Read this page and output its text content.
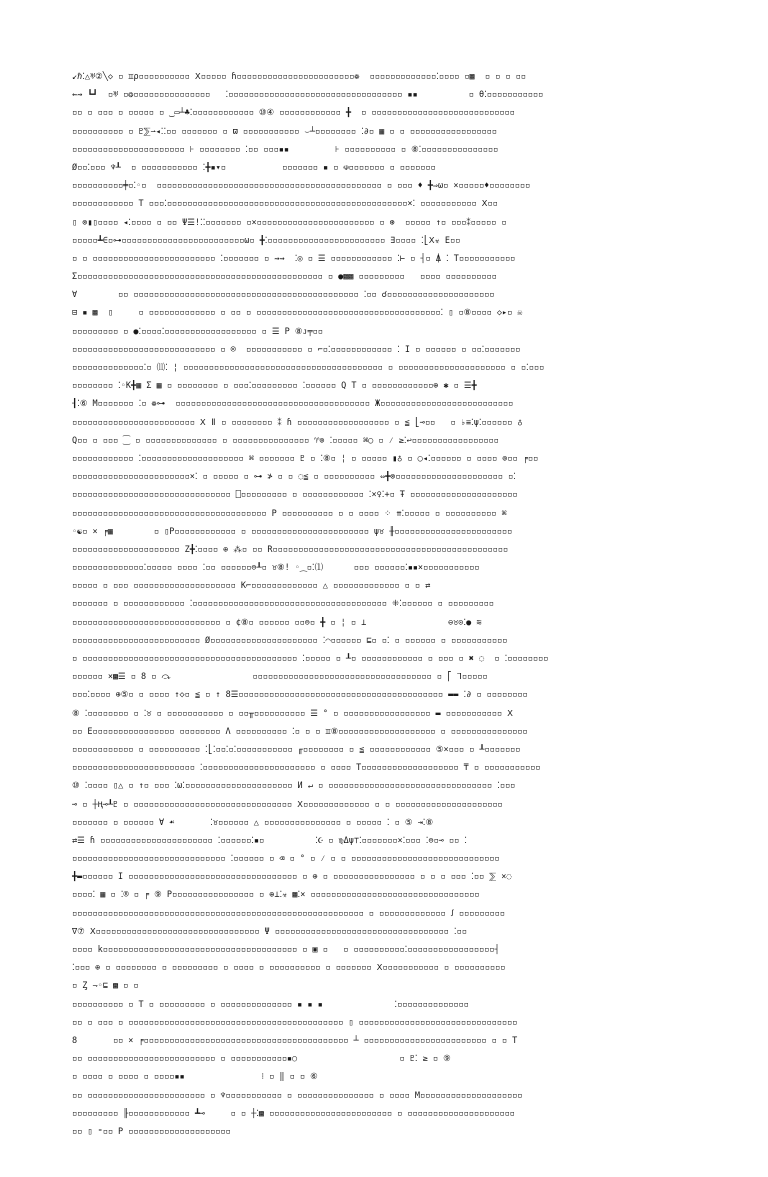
↙ℏ⁚△♅②╲◇ ▫ ♊ρ▫▫▫▫▫▫▫▫▫▫ Ⅹ▫▫▫▫▫ ɦ▫▫▫▫▫▫▫▫▫▫▫▫▫▫▫▫▫▫▫▫▫▫▫❁  ▫▫▫▫▫▫▫▫▫▫▫▫▫⁚▫▫▫▫ ▫▩  ▫ ▫ ▫ ▫▫
⇜⇝ ┗┛  ▫♅ ▫❂▫▫▫▫▫▫▫▫▫▫▫▫▫▫▫   ⁚▫▫▫▫▫▫▫▫▫▫▫▫▫▫▫▫▫▫▫▫▫▫▫▫▫▫▫▫▫▫▫▫▫▫ ▪▪          ▫ θ⁚▫▫▫▫▫▫▫▫▫▫▫
▫▫ ▫ ▫▫▫ ▫ ▫▫▫▫▫ ▫ ‿▭┴♣⁚▫▫▫▫▫▫▫▫▫▫▫▫ ⑩④ ▫▫▫▫▫▫▫▫▫▫▫▫ ╋  ▫ ▫▫▫▫▫▫▫▫▫▫▫▫▫▫▫▫▫▫▫▫▫▫▫▫▫▫▫▫
▫▫▫▫▫▫▫▫▫▫ ▫ ♇⅀⇀◂⁚⁚▫▫ ▫▫▫▫▫▫▫ ▫ ϖ ▫▫▫▫▫▫▫▫▫▫▫ ⌣┴▫▫▫▫▫▫▫▫ ⁚∂▫ ▦ ▫ ▫ ▫▫▫▫▫▫▫▫▫▫▫▫▫▫▫▫▫
▫▫▫▫▫▫▫▫▫▫▫▫▫▫▫▫▫▫▫▫▫▫ ⊦ ▫▫▫▫▫▫▫▫ ⁚▫▫ ▫▫▫▪▪         ⊦ ▫▫▫▫▫▫▫▫▫▫ ▫ ⑧⁚▫▫▫▫▫▫▫▫▫▫▫▫▫▫▫
Ø▫▫⁚▫▫▫ ♆┸  ▫ ▫▫▫▫▫▫▫▫▫▫▫ ⁚╋▪▾▫           ▫▫▫▫▫▫▫ ▪ ▫ ☫▫▫▫▫▫▫▫ ▫ ▫▫▫▫▫▫▫
▫▫▫▫▫▫▫▫▫▫╪▫⁚◦▫  ▫▫▫▫▫▫▫▫▫▫▫▫▫▫▫▫▫▫▫▫▫▫▫▫▫▫▫▫▫▫▫▫▫▫▫▫▫▫▫▫▫▫▫▫ ▫ ▫▫▫ ♦ ╋⇒ω▫ ×▫▫▫▫▫♦▫▫▫▫▫▫▫▫
▫▫▫▫▫▫▫▫▫▫▫▫ T ▫▫▫⁚▫▫▫▫▫▫▫▫▫▫▫▫▫▫▫▫▫▫▫▫▫▫▫▫▫▫▫▫▫▫▫▫▫▫▫▫▫▫▫▫▫▫▫▫▫▫▫×⁚ ▫▫▫▫▫▫▫▫▫▫▫ Ⅹ▫▫
▯ ⊗▮▯▫▫▫▫ ◂⁚▫▫▫▫ ▫ ▫▫ Ψ☰!⁚⁚▫▫▫▫▫▫▫ ▫×▫▫▫▫▫▫▫▫▫▫▫▫▫▫▫▫▫▫▫▫▫▫▫ ▫ ⊛  ▫▫▫▫▫ ↑▫ ▫▫▫⁑▫▫▫▫▫ ▫
▫▫▫▫▫┻∈▫⊶▫▫▫▫▫▫▫▫▫▫▫▫▫▫▫▫▫▫▫▫▫▫▫▫ω▫ ╋⁚▫▫▫▫▫▫▫▫▫▫▫▫▫▫▫▫▫▫▫▫▫▫▫ ∃▫▫▫▫ ⁚⎣Ⅹ☣ E▫▫
▫ ▫ ▫▫▫▫▫▫▫▫▫▫▫▫▫▫▫▫▫▫▫▫▫▫▫▫ ⁚▫▫▫▫▫▫▫ ▫ ⇝⇝  ⁚◎ ▫ ☰ ▫▫▫▫▫▫▫▫▫▫▫▫ ⁚⊢ ▫ ┤▫ ⍋ ⁚ T▫▫▫▫▫▫▫▫▫▫▫
Σ▫▫▫▫▫▫▫▫▫▫▫▫▫▫▫▫▫▫▫▫▫▫▫▫▫▫▫▫▫▫▫▫▫▫▫▫▫▫▫▫▫▫▫▫▫▫▫▫ ▫ ●▩▩ ▫▫▫▫▫▫▫▫▫   ▫▫▫▫ ▫▫▫▫▫▫▫▫▫▫
∀        ▫▫ ▫▫▫▫▫▫▫▫▫▫▫▫▫▫▫▫▫▫▫▫▫▫▫▫▫▫▫▫▫▫▫▫▫▫▫▫▫▫▫▫▫▫▫▫ ⁚▫▫ ☌▫▫▫▫▫▫▫▫▫▫▫▫▫▫▫▫▫▫▫▫▫
⊟ ▪ ▩  ▯     ▫ ▫▫▫▫▫▫▫▫▫▫▫▫▫ ▫ ▫▫ ▫ ▫▫▫▫▫▫▫▫▫▫▫▫▫▫▫▫▫▫▫▫▫▫▫▫▫▫▫▫▫▫▫▫▫▫▫▫⁚ ▯ ▫⑧▫▫▫▫ ◇▸▫ ☠
▫▫▫▫▫▫▫▫▫ ▫ ●⁚▫▫▫▫⁚▫▫▫▫▫▫▫▫▫▫▫▫▫▫▫▫▫▫ ▫ ☰ P ⑧ᴊ╤▫▫
▫▫▫▫▫▫▫▫▫▫▫▫▫▫▫▫▫▫▫▫▫▫▫▫▫▫▫▫ ▫ ⌾  ▫▫▫▫▫▫▫▫▫▫▫ ▫ ⌐▫⁚▫▫▫▫▫▫▫▫▫▫▫▫ ⁚ I ▫ ▫▫▫▫▫▫ ▫ ▫▫⁚▫▫▫▫▫▫▫
▫▫▫▫▫▫▫▫▫▫▫▫▫▫⁚▫ ⑾⁚ ¦ ▫▫▫▫▫▫▫▫▫▫▫▫▫▫▫▫▫▫▫▫▫▫▫▫▫▫▫▫▫▫▫▫▫▫▫▫▫▫▫ ▫ ▫▫▫▫▫▫▫▫▫▫▫▫▫▫▫▫▫▫▫▫▫ ▫ ▫⁚▫▫▫
▫▫▫▫▫▫▫▫ ⁚◦K╋▦ Σ ▦ ▫ ▫▫▫▫▫▫▫▫ ▫ ▫▫▫⁚▫▫▫▫▫▫▫▫▫ ⁚▫▫▫▫▫▫ Q T ▫ ▫▫▫▫▫▫▫▫▫▫▫▫⊕ ✱ ▫ ☰╋
┨⁚⑥ M▫▫▫▫▫▫▫ ⁚▫ ❁⊶  ▫▫▫▫▫▫▫▫▫▫▫▫▫▫▫▫▫▫▫▫▫▫▫▫▫▫▫▫▫▫▫▫▫▫▫▫▫▫ Ж▫▫▫▫▫▫▫▫▫▫▫▫▫▫▫▫▫▫▫▫▫▫▫▫▫▫
▫▫▫▫▫▫▫▫▫▫▫▫▫▫▫▫▫▫▫▫▫▫▫▫ Ⅹ ǁ ▫ ▫▫▫▫▫▫▫▫ ⁑ ɦ ▫▫▫▫▫▫▫▫▫▫▫▫▫▫▫▫▫▫ ▫ ≦ ⎣⊸▫▫   ▫ ♭≡⁚ψ⁚▫▫▫▫▫▫ ♁
Q▫▫ ▫ ▫▫▫ ⁐ ▫ ▫▫▫▫▫▫▫▫▫▫▫▫▫▫ ▫ ▫▫▫▫▫▫▫▫▫▫▫▫▫▫▫ ♈⊚ ⁚▫▫▫▫▫ ⌘◯ ▫ ⁄ ≥⁚↩▫▫▫▫▫▫▫▫▫▫▫▫▫▫▫▫▫
▫▫▫▫▫▫▫▫▫▫▫▫ ⁚▫▫▫▫▫▫▫▫▫▫▫▫▫▫▫▫▫▫▫▫ ⌘ ▫▫▫▫▫▫▫ ♇ ▫ ⁚⑧▫ ¦ ▫ ▫▫▫▫▫ ▮♁ ▫ ◯◂⁚▫▫▫▫▫▫ ▫ ▫▫▫▫ ⊚▫▫ ╒▫▫
▫▫▫▫▫▫▫▫▫▫▫▫▫▫▫▫▫▫▫▫▫▫▫×⁚ ▫ ▫▫▫▫▫ ▫ ⊶ ≯ ▫ ▫ ◌≦ ▫ ▫▫▫▫▫▫▫▫▫▫ ⇔╋⊗▫▫▫▫▫▫▫▫▫▫▫▫▫▫▫▫▫▫▫▫▫ ▫⁚
▫▫▫▫▫▫▫▫▫▫▫▫▫▫▫▫▫▫▫▫▫▫▫▫▫▫▫▫▫▫▫ ⎕▫▫▫▫▫▫▫▫▫ ▫ ▫▫▫▫▫▫▫▫▫▫▫▫ ⁚×♀⁚+▫ Ŧ ▫▫▫▫▫▫▫▫▫▫▫▫▫▫▫▫▫▫▫▫▫
▫▫▫▫▫▫▫▫▫▫▫▫▫▫▫▫▫▫▫▫▫▫▫▫▫▫▫▫▫▫▫▫▫▫▫▫▫▫ P ▫▫▫▫▫▫▫▫▫▫ ▫ ▫ ▫▫▫▫ ⁘ ⇈⁚▫▫▫▫▫ ▫ ▫▫▫▫▫▫▫▫▫▫ ⌘
◦☯▫ × ╒▦        ▫ ▯P▫▫▫▫▫▫▫▫▫▫▫▫ ▫ ▫▫▫▫▫▫▫▫▫▫▫▫▫▫▫▫▫▫▫▫▫▫▫ ψ♉ ╫▫▫▫▫▫▫▫▫▫▫▫▫▫▫▫▫▫▫▫▫▫▫▫
▫▫▫▫▫▫▫▫▫▫▫▫▫▫▫▫▫▫▫▫▫ Z╋⁚▫▫▫▫ ⊕ ⁂▫ ▫▫ R▫▫▫▫▫▫▫▫▫▫▫▫▫▫▫▫▫▫▫▫▫▫▫▫▫▫▫▫▫▫▫▫▫▫▫▫▫▫▫▫▫▫▫▫▫▫
▫▫▫▫▫▫▫▫▫▫▫▫▫▫⁚▫▫▫▫▫ ▫▫▫▫ ⁚▫▫ ▫▫▫▫▫▫⊜┸▫ ♉⑧! ◦⁔▫⁚⑴      ▫▫▫ ▫▫▫▫▫▫⁚▪▪×▫▫▫▫▫▫▫▫▫▫▫
▫▫▫▫▫ ▫ ▫▫▫ ▫▫▫▫▫▫▫▫▫▫▫▫▫▫▫▫▫▫▫▫ K⌐▫▫▫▫▫▫▫▫▫▫▫▫▫ △ ▫▫▫▫▫▫▫▫▫▫▫▫▫ ▫ ▫ ⇄
▫▫▫▫▫▫▫ ▫ ▫▫▫▫▫▫▫▫▫▫▫▫ ⁚▫▫▫▫▫▫▫▫▫▫▫▫▫▫▫▫▫▫▫▫▫▫▫▫▫▫▫▫▫▫▫▫▫▫▫▫▫▫ ⁜⁚▫▫▫▫▫▫ ▫ ▫▫▫▫▫▫▫▫▫
▫▫▫▫▫▫▫▫▫▫▫▫▫▫▫▫▫▫▫▫▫▫▫▫▫▫▫▫▫ ▫ ¢⑧▫ ▫▫▫▫▫▫ ▫▫⊜▫ ╋ ▫ ¦ ▫ ⊥                ⊖♉⊙⁚● ≋
▫▫▫▫▫▫▫▫▫▫▫▫▫▫▫▫▫▫▫▫▫▫▫▫▫ Ø▫▫▫▫▫▫▫▫▫▫▫▫▫▫▫▫▫▫▫▫▫ ⁚⌒▫▫▫▫▫▫ ⊑▫ ▫⁚ ▫ ▫▫▫▫▫▫ ▫ ▫▫▫▫▫▫▫▫▫▫▫
▫ ▫▫▫▫▫▫▫▫▫▫▫▫▫▫▫▫▫▫▫▫▫▫▫▫▫▫▫▫▫▫▫▫▫▫▫▫▫▫▫▫▫▫ ⁚▫▫▫▫▫ ▫ ┸▫ ▫▫▫▫▫▫▫▫▫▫▫▫ ▫ ▫▫▫ ▫ ✖ ◌  ▫ ⁚▫▫▫▫▫▫▫▫
▫▫▫▫▫▫ ×▩☰ ▫ 8 ▫ ⤼                ▫▫▫▫▫▫▫▫▫▫▫▫▫▫▫▫▫▫▫▫▫▫▫▫▫▫▫▫▫▫▫▫▫▫▫ ▫ ⎡ ⅂▫▫▫▫▫
▫▫▫⁚▫▫▫▫ ⊕⑤▫ ▫ ▫▫▫▫ ↑◇▫ ≦ ▫ ↑ 8☰▫▫▫▫▫▫▫▫▫▫▫▫▫▫▫▫▫▫▫▫▫▫▫▫▫▫▫▫▫▫▫▫▫▫▫▫▫▫▫▫ ▬▬ ⁚∂ ▫ ▫▫▫▫▫▫▫▫
⑧ ⁚▫▫▫▫▫▫▫▫ ▫ ⁚♉ ▫ ▫▫▫▫▫▫▫▫▫▫▫ ▫ ▫▫╥▫▫▫▫▫▫▫▫▫▫ ☰ ° ▫ ▫▫▫▫▫▫▫▫▫▫▫▫▫▫▫▫▫ ▬ ▫▫▫▫▫▫▫▫▫▫▫ Ⅹ
▫▫ E▫▫▫▫▫▫▫▫▫▫▫▫▫▫▫▫ ▫▫▫▫▫▫▫▫ Λ ▫▫▫▫▫▫▫▫▫▫ ⁚▫ ▫ ▫ ♊⑧▫▫▫▫▫▫▫▫▫▫▫▫▫▫▫▫▫▫▫ ▫ ▫▫▫▫▫▫▫▫▫▫▫▫▫▫▫
▫▫▫▫▫▫▫▫▫▫▫▫ ▫ ▫▫▫▫▫▫▫▫▫▫ ⁚⎣⁚▫▫⁚▫⁚▫▫▫▫▫▫▫▫▫▫▫ ╓▫▫▫▫▫▫▫▫ ▫ ≦ ▫▫▫▫▫▫▫▫▫▫▫▫ ⑤×▫▫▫ ▫ ╨▫▫▫▫▫▫▫
▫▫▫▫▫▫▫▫▫▫▫▫▫▫▫▫▫▫▫▫▫▫▫▫ ⁚▫▫▫▫▫▫▫▫▫▫▫▫▫▫▫▫▫▫▫▫▫▫ ▫ ▫▫▫▫ T▫▫▫▫▫▫▫▫▫▫▫▫▫▫▫▫▫▫▫ ₸ ▫ ▫▫▫▫▫▫▫▫▫▫▫
⑩ ⁚▫▫▫▫ ▯△ ▫ ↑▫ ▫▫▫ ⁚ω⁚▫▫▫▫▫▫▫▫▫▫▫▫▫▫▫▫▫▫▫▫▫ И ↵ ▫ ▫▫▫▫▫▫▫▫▫▫▫▫▫▫▫▫▫▫▫▫▫▫▫▫▫▫▫▫▫▫▫▫ ⁚▫▫▫
⊸ ▫ ┼Ⱨ⊸┸♇ ▫ ▫▫▫▫▫▫▫▫▫▫▫▫▫▫▫▫▫▫▫▫▫▫▫▫▫▫▫▫▫▫▫ Ⅹ▫▫▫▫▫▫▫▫▫▫▫▫▫ ▫ ▫ ▫▫▫▫▫▫▫▫▫▫▫▫▫▫▫▫▫▫▫▫▫
▫▫▫▫▫▫▫ ▫ ▫▫▫▫▫▫ Ɐ ☙       ⁚♉▫▫▫▫▫▫ △ ▫▫▫▫▫▫▫▫▫▫▫▫▫▫▫ ▫ ▫▫▫▫▫ ⁚ ▫ ⑤ ⇥⁚⑧
⇄☰ ɦ ▫▫▫▫▫▫▫▫▫▫▫▫▫▫▫▫▫▫▫▫▫▫ ⁚▫▫▫▫▫▫⁚▪▫          ⁚☪ ▫ ♍Δψ⊤⁚▫▫▫▫▫▫▫×⁚▫▫▫ ⁚⊜▫⊸ ▫▫ ⁚
▫▫▫▫▫▫▫▫▫▫▫▫▫▫▫▫▫▫▫▫▫▫▫▫▫▫▫▫▫▫ ⁚▫▫▫▫▫▫ ▫ ⌫ ▫ ° ▫ ⁄ ▫ ▫ ▫▫▫▫▫▫▫▫▫▫▫▫▫▫▫▫▫▫▫▫▫▫▫▫▫▫▫▫▫
╋▬▫▫▫▫▫▫ I ▫▫▫▫▫▫▫▫▫▫▫▫▫▫▫▫▫▫▫▫▫▫▫▫▫▫▫▫▫▫▫▫▫ ▫ ⊕ ▫ ▫▫▫▫▫▫▫▫▫▫▫▫▫▫▫▫ ▫ ▫ ▫ ▫▫▫ ⁚▫▫ ⅀ ×◌
▫▫▫▫⁚ ▦ ▫ ⁚® ▫ ╒ ⑨ P▫▫▫▫▫▫▫▫▫▫▫▫▫▫▫▫ ▫ ⊕⊥⁚☣ ▩⁚× ▫▫▫▫▫▫▫▫▫▫▫▫▫▫▫▫▫▫▫▫▫▫▫▫▫▫▫▫▫▫▫▫▫
▫▫▫▫▫▫▫▫▫▫▫▫▫▫▫▫▫▫▫▫▫▫▫▫▫▫▫▫▫▫▫▫▫▫▫▫▫▫▫▫▫▫▫▫▫▫▫▫▫▫▫▫▫▫▫▫▫ ▫ ▫▫▫▫▫▫▫▫▫▫▫▫▫ ꭍ ▫▫▫▫▫▫▫▫▫
∇⑦ Ⅹ▫▫▫▫▫▫▫▫▫▫▫▫▫▫▫▫▫▫▫▫▫▫▫▫▫▫▫▫▫▫▫▫ Ψ ▫▫▫▫▫▫▫▫▫▫▫▫▫▫▫▫▫▫▫▫▫▫▫▫▫▫▫▫▫▫▫▫▫▫ ⁚▫▫
▫▫▫▫ k▫▫▫▫▫▫▫▫▫▫▫▫▫▫▫▫▫▫▫▫▫▫▫▫▫▫▫▫▫▫▫▫▫▫▫▫▫▫ ▫ ▣ ▫   ▫ ▫▫▫▫▫▫▫▫▫▫⁚▫▫▫▫▫▫▫▫▫▫▫▫▫▫▫▫▫┤
⁚▫▫▫ ⊕ ▫ ▫▫▫▫▫▫▫▫ ▫ ▫▫▫▫▫▫▫▫▫ ▫ ▫▫▫▫ ▫ ▫▫▫▫▫▫▫▫▫▫ ▫ ▫▫▫▫▫▫▫ Ⅹ▫▫▫▫▫▫▫▫▫▫▫ ▫ ▫▫▫▫▫▫▫▫▫▫
▫ Ȥ ⇁◦⊑ ▩ ▫ ▫
▫▫▫▫▫▫▫▫▫▫ ▫ T ▫ ▫▫▫▫▫▫▫▫▫ ▫ ▫▫▫▫▫▫▫▫▫▫▫▫▫▫ ▪ ▪ ▪              ⁚▫▫▫▫▫▫▫▫▫▫▫▫▫▫
▫▫ ▫ ▫▫▫ ▫ ▫▫▫▫▫▫▫▫▫▫▫▫▫▫▫▫▫▫▫▫▫▫▫▫▫▫▫▫▫▫▫▫▫▫▫▫▫▫▫▫▫▫ ▯ ▫▫▫▫▫▫▫▫▫▫▫▫▫▫▫▫▫▫▫▫▫▫▫▫▫▫▫▫▫▫▫
8       ▫▫ × ╒▫▫▫▫▫▫▫▫▫▫▫▫▫▫▫▫▫▫▫▫▫▫▫▫▫▫▫▫▫▫▫▫▫▫▫▫▫▫▫▫ ┴ ▫▫▫▫▫▫▫▫▫▫▫▫▫▫▫▫▫▫▫▫▫▫▫▫ ▫ ▫ T
▫▫ ▫▫▫▫▫▫▫▫▫▫▫▫▫▫▫▫▫▫▫▫▫▫▫▫▫ ▫ ▫▫▫▫▫▫▫▫▫▫▫▪○                    ▫ ♇⁚ ≥ ▫ ⑨
▫ ▫▫▫▫ ▫ ▫▫▫▫ ▫ ▫▫▫▫▪▪               ⁝ ▫ ‖ ▫ ▫ ⑥
▫▫ ▫▫▫▫▫▫▫▫▫▫▫▫▫▫▫▫▫▫▫▫▫▫▫ ▫ ♆▫▫▫▫▫▫▫▫▫▫▫ ▫ ▫▫▫▫▫▫▫▫▫▫▫▫▫▫▫ ▫ ▫▫▫▫ M▫▫▫▫▫▫▫▫▫▫▫▫▫▫▫▫▫▫▫▫
▫▫▫▫▫▫▫▫▫ ╟▫▫▫▫▫▫▫▫▫▫▫▫ ┻⊸     ▫ ▫ ┼⁚▩ ▫▫▫▫▫▫▫▫▫▫▫▫▫▫▫▫▫▫▫▫▫▫▫▫ ▫ ▫▫▫▫▫▫▫▫▫▫▫▫▫▫▫▫▫▫▫▫▫
▫▫ ▯ ⁼▫▫ P ▫▫▫▫▫▫▫▫▫▫▫▫▫▫▫▫▫▫▫▫
